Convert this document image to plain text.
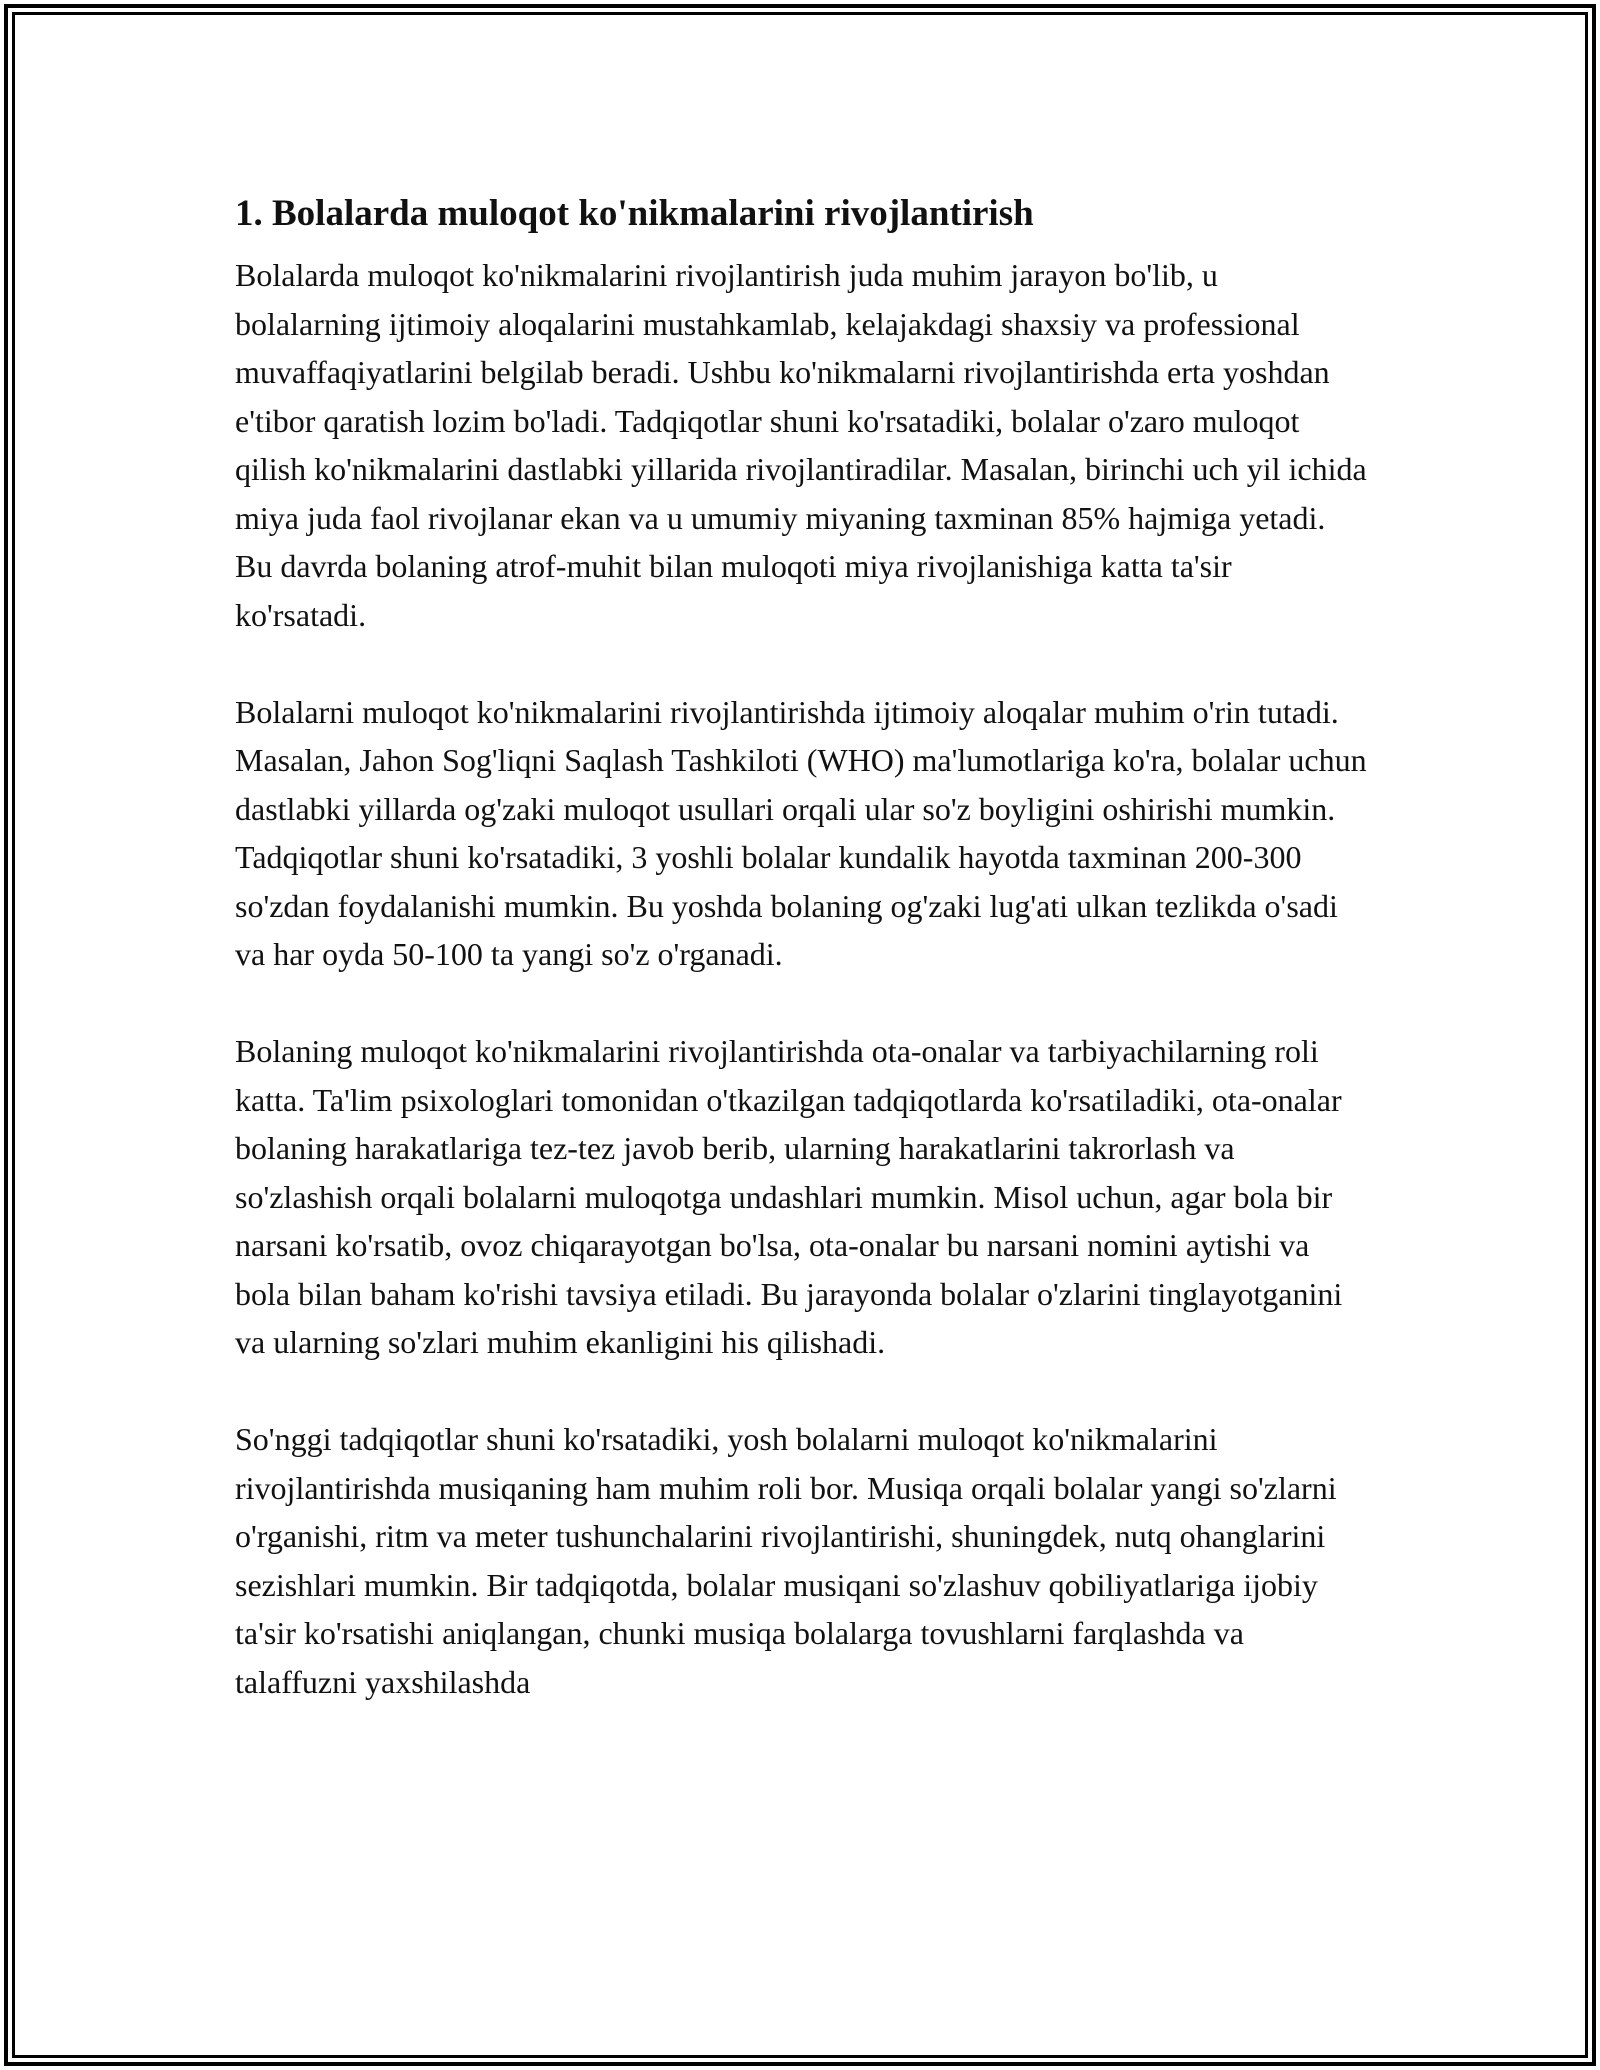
1. Bolalarda muloqot ko'nikmalarini rivojlantirish

Bolalarda muloqot ko'nikmalarini rivojlantirish juda muhim jarayon bo'lib, u bolalarning ijtimoiy aloqalarini mustahkamlab, kelajakdagi shaxsiy va professional muvaffaqiyatlarini belgilab beradi. Ushbu ko'nikmalarni rivojlantirishda erta yoshdan e'tibor qaratish lozim bo'ladi. Tadqiqotlar shuni ko'rsatadiki, bolalar o'zaro muloqot qilish ko'nikmalarini dastlabki yillarida rivojlantiradilar. Masalan, birinchi uch yil ichida miya juda faol rivojlanar ekan va u umumiy miyaning taxminan 85% hajmiga yetadi. Bu davrda bolaning atrof-muhit bilan muloqoti miya rivojlanishiga katta ta'sir ko'rsatadi.

Bolalarni muloqot ko'nikmalarini rivojlantirishda ijtimoiy aloqalar muhim o'rin tutadi. Masalan, Jahon Sog'liqni Saqlash Tashkiloti (WHO) ma'lumotlariga ko'ra, bolalar uchun dastlabki yillarda og'zaki muloqot usullari orqali ular so'z boyligini oshirishi mumkin. Tadqiqotlar shuni ko'rsatadiki, 3 yoshli bolalar kundalik hayotda taxminan 200-300 so'zdan foydalanishi mumkin. Bu yoshda bolaning og'zaki lug'ati ulkan tezlikda o'sadi va har oyda 50-100 ta yangi so'z o'rganadi.

Bolaning muloqot ko'nikmalarini rivojlantirishda ota-onalar va tarbiyachilarning roli katta. Ta'lim psixologlari tomonidan o'tkazilgan tadqiqotlarda ko'rsatiladiki, ota-onalar bolaning harakatlariga tez-tez javob berib, ularning harakatlarini takrorlash va so'zlashish orqali bolalarni muloqotga undashlari mumkin. Misol uchun, agar bola bir narsani ko'rsatib, ovoz chiqarayotgan bo'lsa, ota-onalar bu narsani nomini aytishi va bola bilan baham ko'rishi tavsiya etiladi. Bu jarayonda bolalar o'zlarini tinglayotganini va ularning so'zlari muhim ekanligini his qilishadi.

So'nggi tadqiqotlar shuni ko'rsatadiki, yosh bolalarni muloqot ko'nikmalarini rivojlantirishda musiqaning ham muhim roli bor. Musiqa orqali bolalar yangi so'zlarni o'rganishi, ritm va meter tushunchalarini rivojlantirishi, shuningdek, nutq ohanglarini sezishlari mumkin. Bir tadqiqotda, bolalar musiqani so'zlashuv qobiliyatlariga ijobiy ta'sir ko'rsatishi aniqlangan, chunki musiqa bolalarga tovushlarni farqlashda va talaffuzni yaxshilashda
